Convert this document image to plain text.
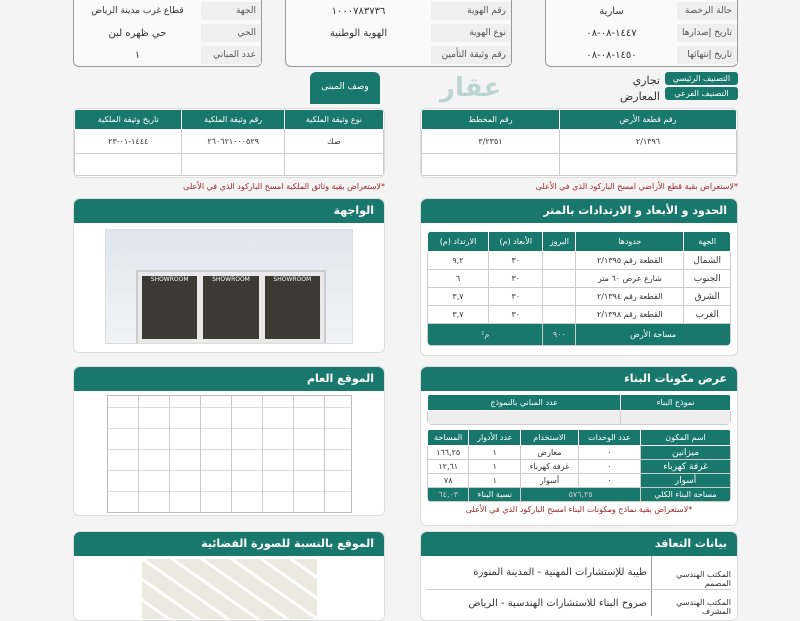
حالة الرخصة
سارية
تاريخ إصدارها
١٤٤٧-٠٨-٠٨
تاريخ إنتهائها
١٤٥٠-٠٨-٠٨
رقم الهوية
١٠٠٠٧٨٣٧٣٦
نوع الهوية
الهوية الوطنية
رقم وثيقة التأمين
الجهة
قطاع غرب مدينة الرياض
الحي
حي ظهره لبن
عدد المباني
١
التصنيف الرئيسي
التصنيف الفرعي
تجاري
المعارض
عقار
وصف المبنى
رقم قطعة الأرض	رقم المخطط
٢/١٣٩٦	٣/٢٣٥١

*لاستعراض بقية قطع الأراضي امسح الباركود الذي في الأعلى
نوع وثيقة الملكية	رقم وثيقة الملكية	تاريخ وثيقة الملكية
صك	٢٦٠٦٢١٠٠٠٥٢٩	١٤٤٤-٠١-٢٣

*لاستعراض بقية وثائق الملكية امسح الباركود الذي في الأعلى
الحدود و الأبعاد و الارتدادات بالمتر
الجهة	حدودها	البروز	الأبعاد (م)	الارتداد (م)
الشمال	القطعة رقم ٢/١٣٩٥		٣٠	٩,٢
الجنوب	شارع عرض ٦٠ متر		٣٠	٦
الشرق	القطعة رقم ٢/١٣٩٤		٣٠	٣,٧
الغرب	القطعة رقم ٢/١٣٩٨		٣٠	٣,٧
مساحة الأرض		٩٠٠	م²	
الواجهة
SHOWROOM	SHOWROOM	SHOWROOM
الموقع العام	عرض مكونات البناء
نموذج البناء	عدد المباني بالنموذج

اسم المكون	عدد الوحدات	الاستخدام	عدد الأدوار	المساحة
ميزانين	٠	معارض	١	١٦٦,٢٥
غرفة كهرباء	٠	غرفة كهرباء	١	١٢,٦١
أسوار	٠	أسوار	١	٧٨
مساحة البناء الكلي	٥٧٦,٢٥		نسبة البناء	٦٤,٠٣
*لاستعراض بقية نماذج ومكونات البناء امسح الباركود الذي في الأعلى
الموقع بالنسبة للصورة الفضائية	بيانات التعاقد
المكتب الهندسي المصمم
طيبة للإستشارات المهنية - المدينة المنورة
المكتب الهندسي المشرف
صروح البناء للاستشارات الهندسية - الرياض
